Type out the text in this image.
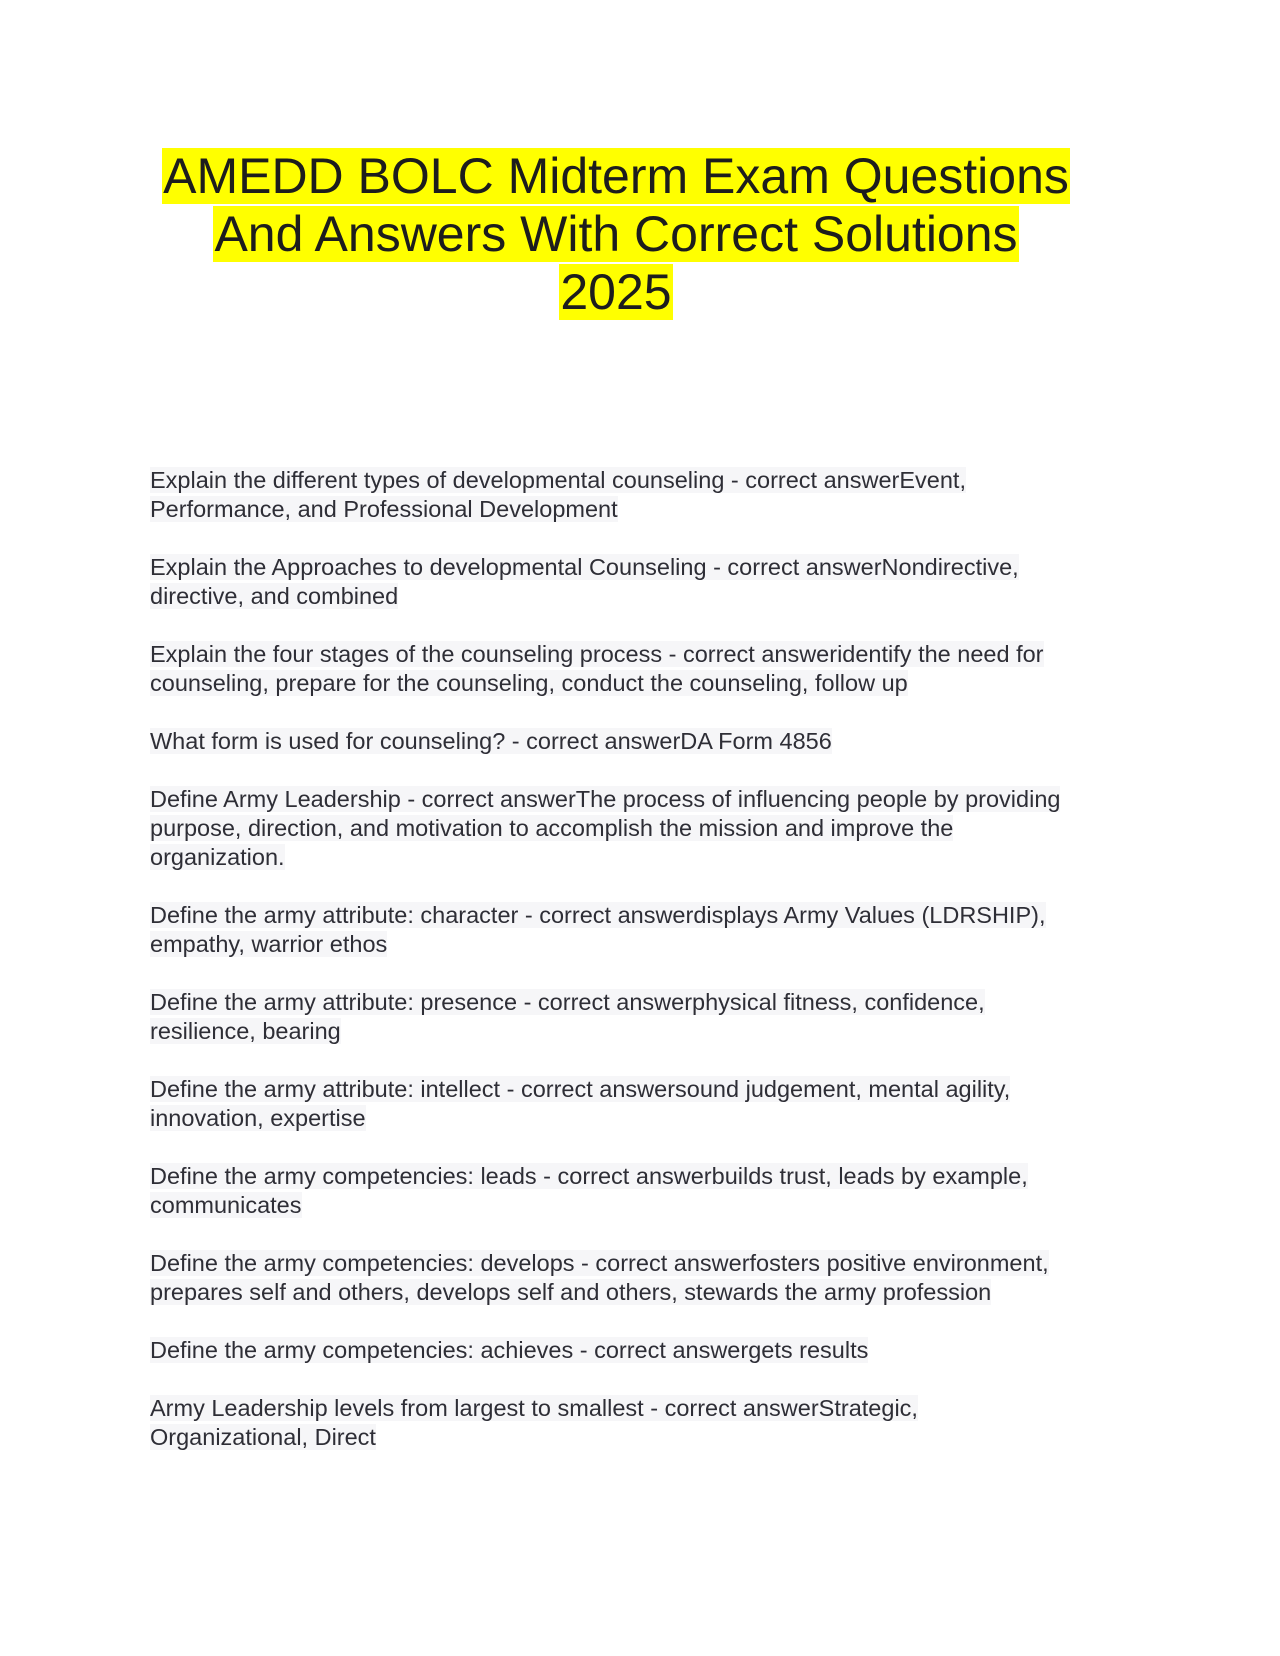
AMEDD BOLC Midterm Exam Questions
And Answers With Correct Solutions
2025
Explain the different types of developmental counseling - correct answerEvent,
Performance, and Professional Development
Explain the Approaches to developmental Counseling - correct answerNondirective,
directive, and combined
Explain the four stages of the counseling process - correct answeridentify the need for
counseling, prepare for the counseling, conduct the counseling, follow up
What form is used for counseling? - correct answerDA Form 4856
Define Army Leadership - correct answerThe process of influencing people by providing
purpose, direction, and motivation to accomplish the mission and improve the
organization.
Define the army attribute: character - correct answerdisplays Army Values (LDRSHIP),
empathy, warrior ethos
Define the army attribute: presence - correct answerphysical fitness, confidence,
resilience, bearing
Define the army attribute: intellect - correct answersound judgement, mental agility,
innovation, expertise
Define the army competencies: leads - correct answerbuilds trust, leads by example,
communicates
Define the army competencies: develops - correct answerfosters positive environment,
prepares self and others, develops self and others, stewards the army profession
Define the army competencies: achieves - correct answergets results
Army Leadership levels from largest to smallest - correct answerStrategic,
Organizational, Direct
